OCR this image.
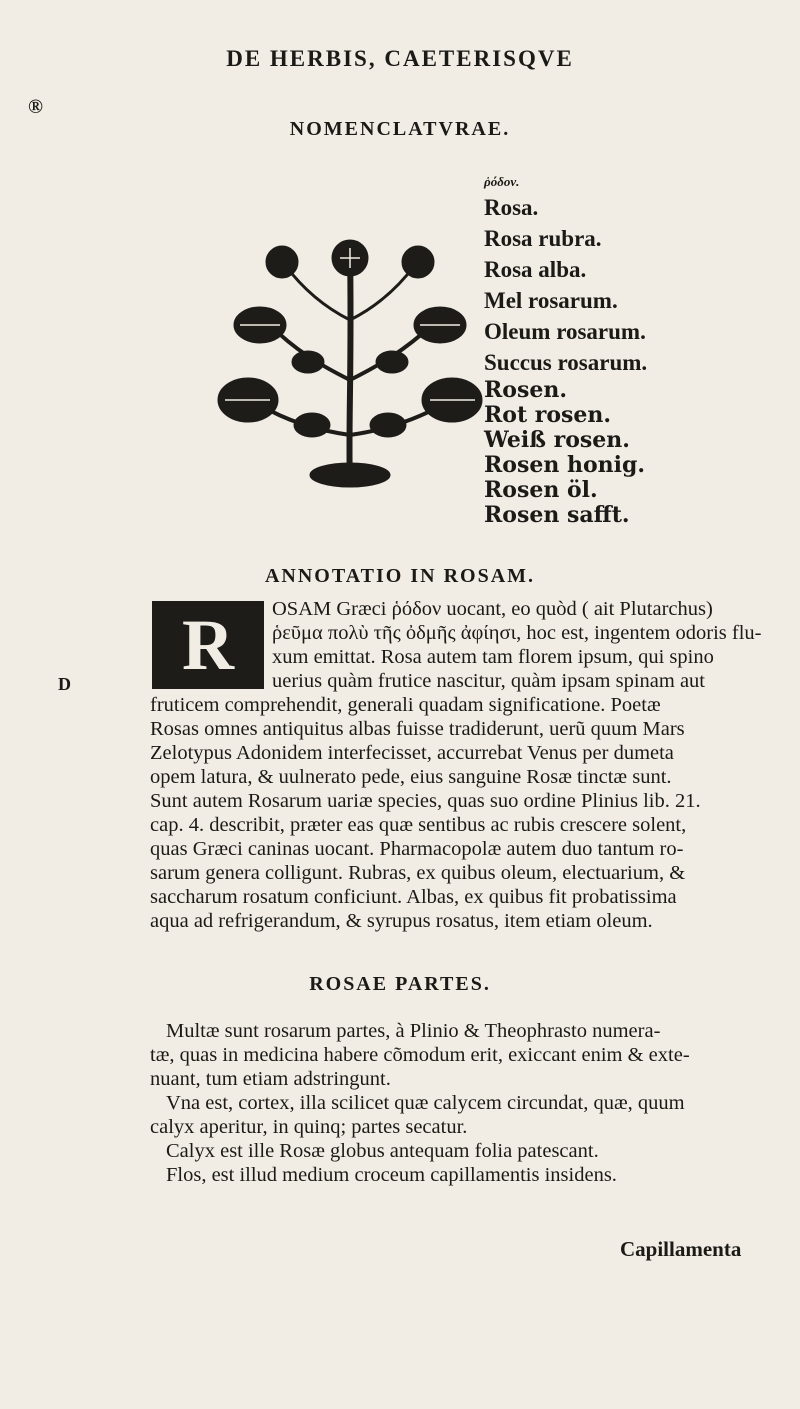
DE HERBIS, CAETERISQVE
®
NOMENCLATVRAE.
ῥόδον.
Rosa.
Rosa rubra.
Rosa alba.
Mel rosarum.
Oleum rosarum.
Succus rosarum.
Rosen.
Rot rosen.
Weiß rosen.
Rosen honig.
Rosen öl.
Rosen safft.
ANNOTATIO IN ROSAM.
R
D
OSAM Græci ῥόδον uocant, eo quòd ( ait Plutarchus)
ῥεῦμα πολὺ τῆς ὀδμῆς ἀφίησι, hoc est, ingentem odoris flu-
xum emittat. Rosa autem tam florem ipsum, qui spino
uerius quàm frutice nascitur, quàm ipsam spinam aut
fruticem comprehendit, generali quadam significatione. Poetæ
Rosas omnes antiquitus albas fuisse tradiderunt, uerũ quum Mars
Zelotypus Adonidem interfecisset, accurrebat Venus per dumeta
opem latura, & uulnerato pede, eius sanguine Rosæ tinctæ sunt.
Sunt autem Rosarum uariæ species, quas suo ordine Plinius lib. 21.
cap. 4. describit, præter eas quæ sentibus ac rubis crescere solent,
quas Græci caninas uocant. Pharmacopolæ autem duo tantum ro-
sarum genera colligunt. Rubras, ex quibus oleum, electuarium, &
saccharum rosatum conficiunt. Albas, ex quibus fit probatissima
aqua ad refrigerandum, & syrupus rosatus, item etiam oleum.
ROSAE PARTES.
Multæ sunt rosarum partes, à Plinio & Theophrasto numera-
tæ, quas in medicina habere cõmodum erit, exiccant enim & exte-
nuant, tum etiam adstringunt.
Vna est, cortex, illa scilicet quæ calycem circundat, quæ, quum
calyx aperitur, in quinq; partes secatur.
Calyx est ille Rosæ globus antequam folia patescant.
Flos, est illud medium croceum capillamentis insidens.
Capillamenta
